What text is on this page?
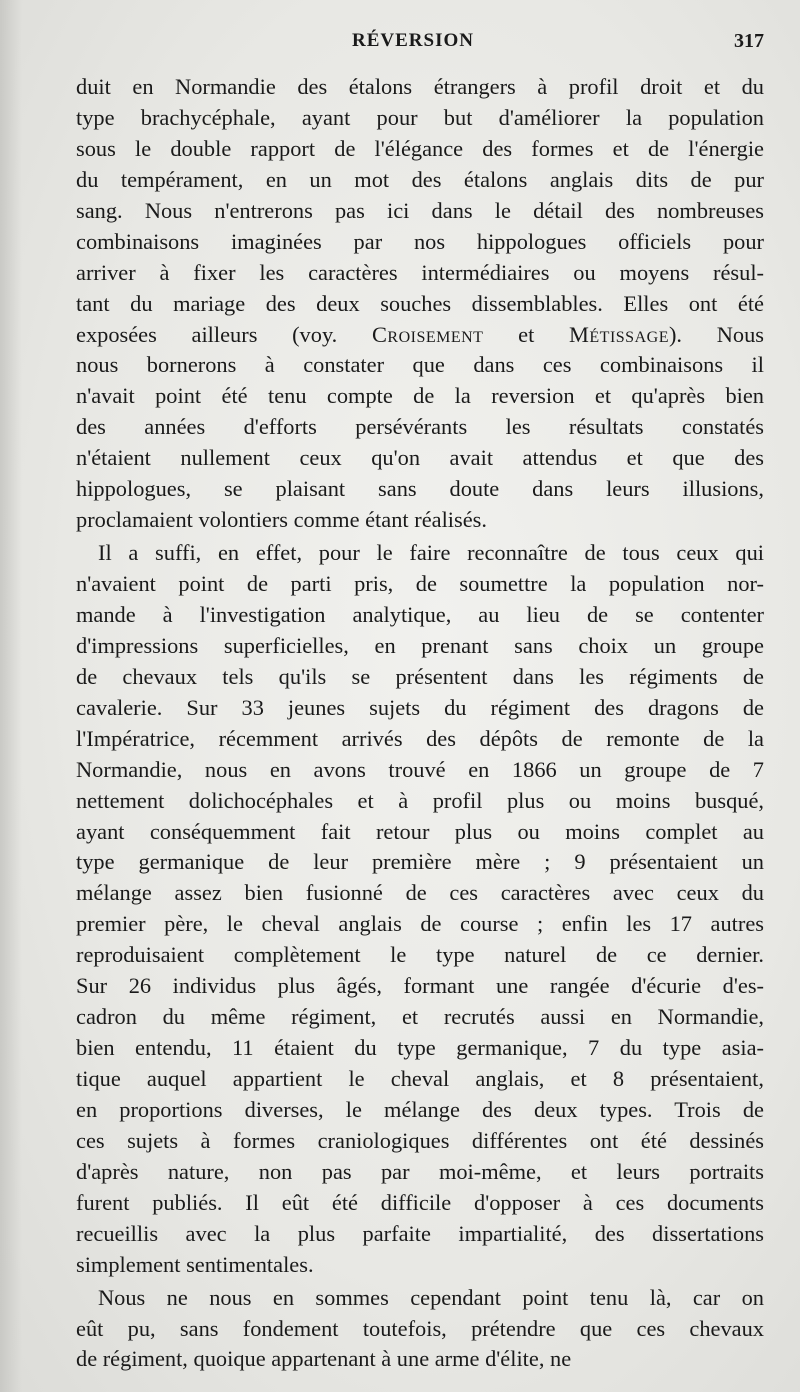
RÉVERSION	317
duit en Normandie des étalons étrangers à profil droit et du
type brachycéphale, ayant pour but d'améliorer la population
sous le double rapport de l'élégance des formes et de l'énergie
du tempérament, en un mot des étalons anglais dits de pur
sang. Nous n'entrerons pas ici dans le détail des nombreuses
combinaisons imaginées par nos hippologues officiels pour
arriver à fixer les caractères intermédiaires ou moyens résul-
tant du mariage des deux souches dissemblables. Elles ont été
exposées ailleurs (voy. Croisement et Métissage). Nous
nous bornerons à constater que dans ces combinaisons il
n'avait point été tenu compte de la reversion et qu'après bien
des années d'efforts persévérants les résultats constatés
n'étaient nullement ceux qu'on avait attendus et que des
hippologues, se plaisant sans doute dans leurs illusions,
proclamaient volontiers comme étant réalisés.
Il a suffi, en effet, pour le faire reconnaître de tous ceux qui
n'avaient point de parti pris, de soumettre la population nor-
mande à l'investigation analytique, au lieu de se contenter
d'impressions superficielles, en prenant sans choix un groupe
de chevaux tels qu'ils se présentent dans les régiments de
cavalerie. Sur 33 jeunes sujets du régiment des dragons de
l'Impératrice, récemment arrivés des dépôts de remonte de la
Normandie, nous en avons trouvé en 1866 un groupe de 7
nettement dolichocéphales et à profil plus ou moins busqué,
ayant conséquemment fait retour plus ou moins complet au
type germanique de leur première mère ; 9 présentaient un
mélange assez bien fusionné de ces caractères avec ceux du
premier père, le cheval anglais de course ; enfin les 17 autres
reproduisaient complètement le type naturel de ce dernier.
Sur 26 individus plus âgés, formant une rangée d'écurie d'es-
cadron du même régiment, et recrutés aussi en Normandie,
bien entendu, 11 étaient du type germanique, 7 du type asia-
tique auquel appartient le cheval anglais, et 8 présentaient,
en proportions diverses, le mélange des deux types. Trois de
ces sujets à formes craniologiques différentes ont été dessinés
d'après nature, non pas par moi-même, et leurs portraits
furent publiés. Il eût été difficile d'opposer à ces documents
recueillis avec la plus parfaite impartialité, des dissertations
simplement sentimentales.
Nous ne nous en sommes cependant point tenu là, car on
eût pu, sans fondement toutefois, prétendre que ces chevaux
de régiment, quoique appartenant à une arme d'élite, ne
